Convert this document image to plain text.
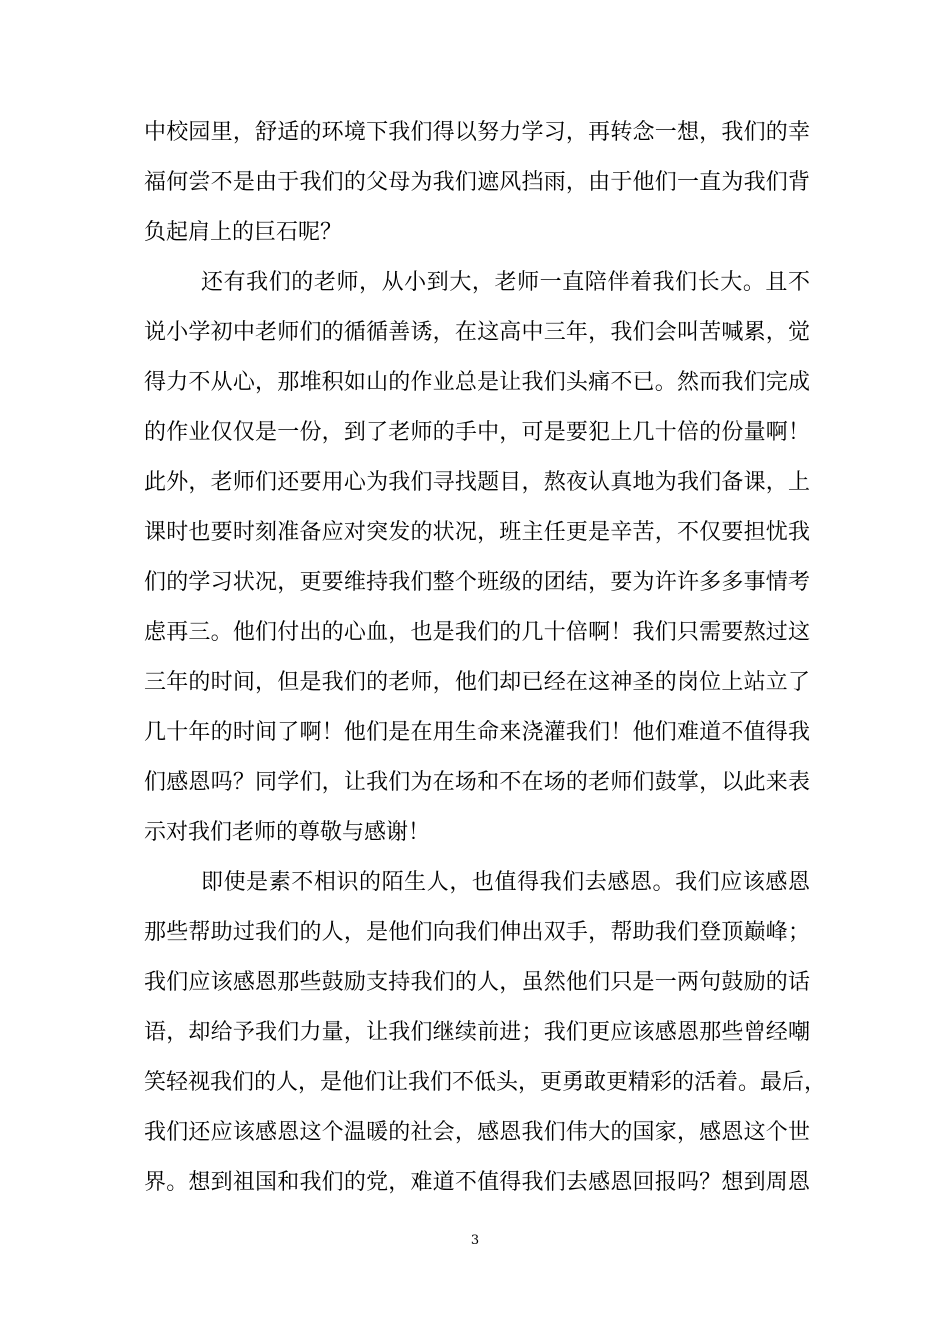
中校园里，舒适的环境下我们得以努力学习，再转念一想，我们的幸
福何尝不是由于我们的父母为我们遮风挡雨，由于他们一直为我们背
负起肩上的巨石呢？
还有我们的老师，从小到大，老师一直陪伴着我们长大。且不
说小学初中老师们的循循善诱，在这高中三年，我们会叫苦喊累，觉
得力不从心，那堆积如山的作业总是让我们头痛不已。然而我们完成
的作业仅仅是一份，到了老师的手中，可是要犯上几十倍的份量啊！
此外，老师们还要用心为我们寻找题目，熬夜认真地为我们备课，上
课时也要时刻准备应对突发的状况，班主任更是辛苦，不仅要担忧我
们的学习状况，更要维持我们整个班级的团结，要为许许多多事情考
虑再三。他们付出的心血，也是我们的几十倍啊！我们只需要熬过这
三年的时间，但是我们的老师，他们却已经在这神圣的岗位上站立了
几十年的时间了啊！他们是在用生命来浇灌我们！他们难道不值得我
们感恩吗？同学们，让我们为在场和不在场的老师们鼓掌，以此来表
示对我们老师的尊敬与感谢！
即使是素不相识的陌生人，也值得我们去感恩。我们应该感恩
那些帮助过我们的人，是他们向我们伸出双手，帮助我们登顶巅峰；
我们应该感恩那些鼓励支持我们的人，虽然他们只是一两句鼓励的话
语，却给予我们力量，让我们继续前进；我们更应该感恩那些曾经嘲
笑轻视我们的人，是他们让我们不低头，更勇敢更精彩的活着。最后，
我们还应该感恩这个温暖的社会，感恩我们伟大的国家，感恩这个世
界。想到祖国和我们的党，难道不值得我们去感恩回报吗？想到周恩
3
